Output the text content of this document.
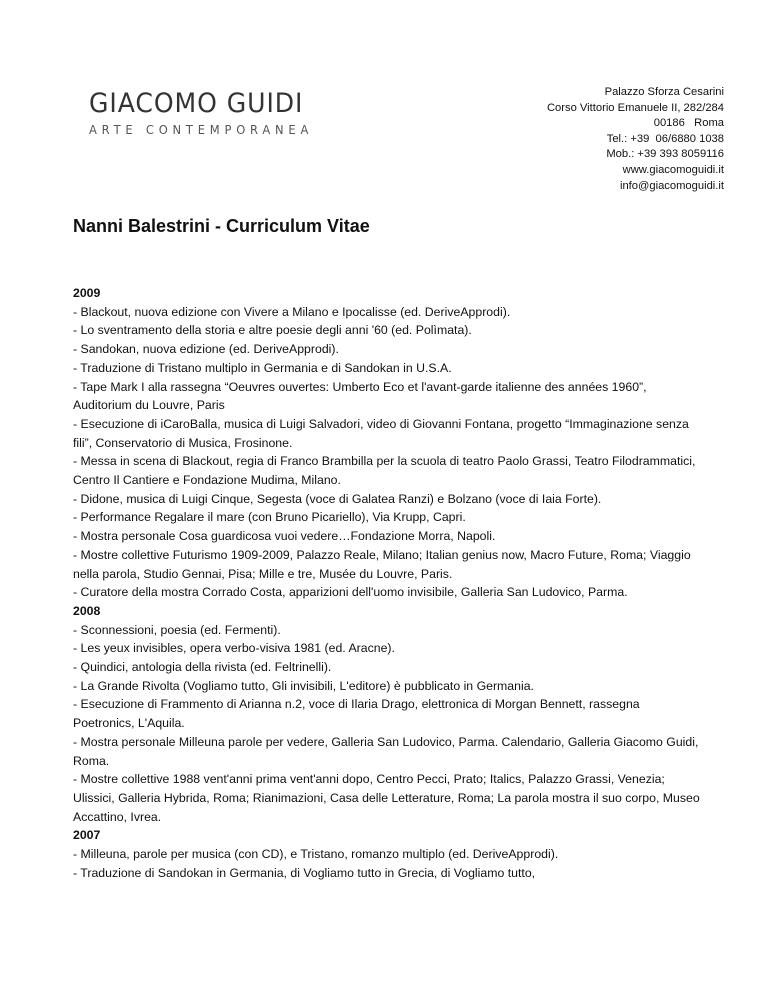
GIACOMO GUIDI
ARTE CONTEMPORANEA
Palazzo Sforza Cesarini
Corso Vittorio Emanuele II, 282/284
00186   Roma
Tel.: +39  06/6880 1038
Mob.: +39 393 8059116
www.giacomoguidi.it
info@giacomoguidi.it
Nanni Balestrini - Curriculum Vitae
2009

- Blackout, nuova edizione con Vivere a Milano e Ipocalisse (ed. DeriveApprodi).

- Lo sventramento della storia e altre poesie degli anni '60 (ed. Polìmata).

- Sandokan, nuova edizione (ed. DeriveApprodi).

- Traduzione di Tristano multiplo in Germania e di Sandokan in U.S.A.

- Tape Mark I alla rassegna “Oeuvres ouvertes: Umberto Eco et l'avant-garde italienne des années 1960”, Auditorium du Louvre, Paris

- Esecuzione di iCaroBalla, musica di Luigi Salvadori, video di Giovanni Fontana, progetto “Immaginazione senza fili”, Conservatorio di Musica, Frosinone.

- Messa in scena di Blackout, regia di Franco Brambilla per la scuola di teatro Paolo Grassi, Teatro Filodrammatici, Centro Il Cantiere e Fondazione Mudima, Milano.

- Didone, musica di Luigi Cinque, Segesta (voce di Galatea Ranzi) e Bolzano (voce di Iaia Forte).

- Performance Regalare il mare (con Bruno Picariello), Via Krupp, Capri.

- Mostra personale Cosa guardicosa vuoi vedere…Fondazione Morra, Napoli.

- Mostre collettive Futurismo 1909-2009, Palazzo Reale, Milano; Italian genius now, Macro Future, Roma; Viaggio nella parola, Studio Gennai, Pisa; Mille e tre, Musée du Louvre, Paris.

- Curatore della mostra Corrado Costa, apparizioni dell'uomo invisibile, Galleria San Ludovico, Parma.

2008

- Sconnessioni, poesia (ed. Fermenti).

- Les yeux invisibles, opera verbo-visiva 1981 (ed. Aracne).

- Quindici, antologia della rivista (ed. Feltrinelli).

- La Grande Rivolta (Vogliamo tutto, Gli invisibili, L'editore) è pubblicato in Germania.

- Esecuzione di Frammento di Arianna n.2, voce di Ilaria Drago, elettronica di Morgan Bennett, rassegna Poetronics, L'Aquila.

- Mostra personale Milleuna parole per vedere, Galleria San Ludovico, Parma. Calendario, Galleria Giacomo Guidi, Roma.

- Mostre collettive 1988 vent'anni prima vent'anni dopo, Centro Pecci, Prato; Italics, Palazzo Grassi, Venezia; Ulissici, Galleria Hybrida, Roma; Rianimazioni, Casa delle Letterature, Roma; La parola mostra il suo corpo, Museo Accattino, Ivrea.

2007

- Milleuna, parole per musica (con CD), e Tristano, romanzo multiplo (ed. DeriveApprodi).

- Traduzione di Sandokan in Germania, di Vogliamo tutto in Grecia, di Vogliamo tutto,
